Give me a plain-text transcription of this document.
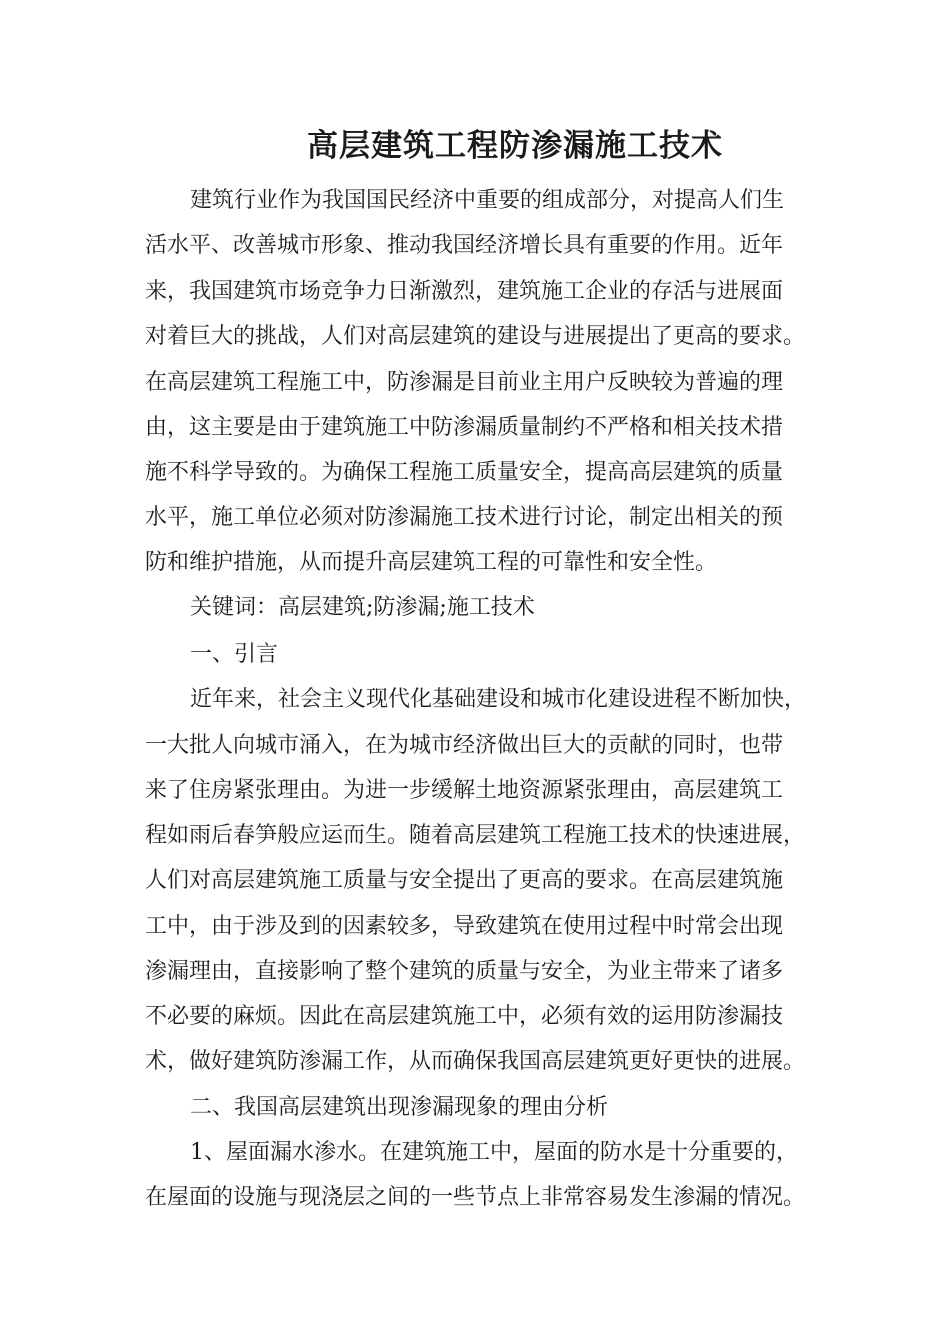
高层建筑工程防渗漏施工技术
建筑行业作为我国国民经济中重要的组成部分，对提高人们生
活水平、改善城市形象、推动我国经济增长具有重要的作用。近年
来，我国建筑市场竞争力日渐激烈，建筑施工企业的存活与进展面
对着巨大的挑战，人们对高层建筑的建设与进展提出了更高的要求。
在高层建筑工程施工中，防渗漏是目前业主用户反映较为普遍的理
由，这主要是由于建筑施工中防渗漏质量制约不严格和相关技术措
施不科学导致的。为确保工程施工质量安全，提高高层建筑的质量
水平，施工单位必须对防渗漏施工技术进行讨论，制定出相关的预
防和维护措施，从而提升高层建筑工程的可靠性和安全性。
关键词：高层建筑;防渗漏;施工技术
一、引言
近年来，社会主义现代化基础建设和城市化建设进程不断加快，
一大批人向城市涌入，在为城市经济做出巨大的贡献的同时，也带
来了住房紧张理由。为进一步缓解土地资源紧张理由，高层建筑工
程如雨后春笋般应运而生。随着高层建筑工程施工技术的快速进展，
人们对高层建筑施工质量与安全提出了更高的要求。在高层建筑施
工中，由于涉及到的因素较多，导致建筑在使用过程中时常会出现
渗漏理由，直接影响了整个建筑的质量与安全，为业主带来了诸多
不必要的麻烦。因此在高层建筑施工中，必须有效的运用防渗漏技
术，做好建筑防渗漏工作，从而确保我国高层建筑更好更快的进展。
二、我国高层建筑出现渗漏现象的理由分析
1、屋面漏水渗水。在建筑施工中，屋面的防水是十分重要的，
在屋面的设施与现浇层之间的一些节点上非常容易发生渗漏的情况。
